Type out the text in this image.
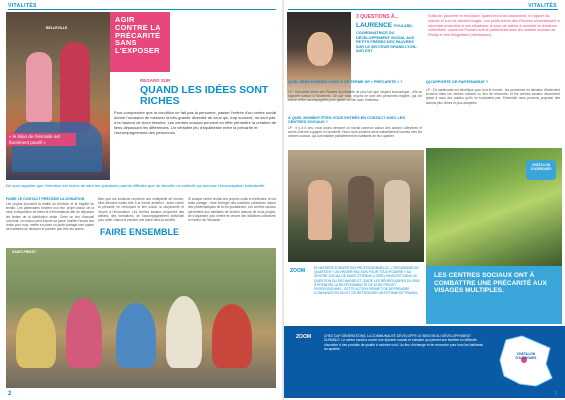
VITALITÉS
BELLEVILLE
« le bilan de l'entraide est forcément positif »
AGIR CONTRE LA PRÉCARITÉ SANS L'EXPOSER
REGARD SUR
QUAND LES IDÉES SONT RICHES
Pour comprendre que la condition ne fait pas la personne, passer l'entrée d'un centre social donne l'occasion de mesurer la très grande diversité de ceux qui, trop souvent, ne sont pas à la hauteur de leurs besoins. Les centres sociaux peuvent en effet permettre la création de liens dépassant les différences. Un véritable jeu d'équilibriste entre la précarité et l'accompagnement des personnes.
De quoi rappeler que l'intention est moins de faire les questions parfois difficiles que de dévoiler un collectif qui autorise l'émancipation individuelle.
FAIRE LE CONTACT PRÉCÈDE LA DONATION
Les projets épousent la réalité du territoire et la fragilité du terrain. Les partenaires fondent tout leur projet autour de la mise à disposition de biens et d'informations afin de dépasser les limites de la distribution seule. Créer un lieu d'accueil convivial, où chacun peut trouver sa place, faciliter l'accès aux droits pour tous, mettre en place un jardin partagé sont autant de manières de dessiner le premier pas vers les autres.
Bien que les solutions reçoivent une multiplicité de formes, elles tiennent toutes tête à la même ambition : lutter contre la précarité en renforçant le lien social, la citoyenneté et l'accès à l'information. Les centres sociaux proposent des ateliers, des formations, de l'accompagnement individuel pour aider chacun à prendre une place dans la société.
FAIRE ENSEMBLE
Si chaque centre choisit ses propres outils et méthodes, le but reste partagé : faire émerger des solutions collectives autour des problématiques de la vie quotidienne. Les centres sociaux permettent aux habitants de devenir acteurs de leurs projets, de s'organiser pour mettre en œuvre des initiatives collectives en faveur de l'inclusion.
SAINT-PRIEST
2
VITALITÉS
3 QUESTIONS À...
LAURENCE POULARD,
COORDINATRICE DU DÉVELOPPEMENT SOCIAL AUX PETITS FRÈRES DES PAUVRES SUR LE SECTEUR GRAND LYON-SUD EST
Solitude, pauvreté et exclusion, quand les trois s'associent, le rapport au monde et à la vie devient fragile. Les petits frères des Pauvres s'investissent à répondre ensemble à ces situations, à coup de visites à domicile et d'actions collectives. Laurence Poulard suit le partenariat avec les centres sociaux de Parilly et des Minguettes (Vénissieux).
QUEL SENS DONNEZ-VOUS À CE TERME DE « PRÉCARITÉ » ?
LP : Aux petits frères des Pauvres la précarité va plus loin que l'aspect économique ; elle se rapporte surtout à l'isolement. Ce que nous voyons ce sont des personnes fragiles, qui ont besoin d'être accompagnées pour garder un lien avec l'extérieur.
À QUEL MOMENT ÊTES-VOUS ENTRÉS EN CONTACT AVEC LES CENTRES SOCIAUX ?
LP : Il y a 6 ans, nous avons démarré un travail commun autour des actions collectives et avons cherché à gagner en proximité. Nous nous sommes alors naturellement tournés vers les centres sociaux, qui connaissent parfaitement les habitants de leur quartier.
QU'APPORTE CE PARTENARIAT ?
LP : Ce partenariat est bénéfique pour tout le monde : les personnes en situation d'isolement trouvent dans les centres sociaux un lieu de rencontre, et les centres sociaux découvrent grâce à nous des publics qu'ils ne touchaient pas. Ensemble nous pouvons proposer des actions plus riches et plus adaptées.
CHÂTILLON D'AZERGUES
LES CENTRES SOCIAUX ONT À COMBATTRE UNE PRÉCARITÉ AUX VISAGES MULTIPLES.
ZOOM	EN MATIÈRE D'INSERTION PROFESSIONNELLE, L'ORGANISME DE QUARTIER « UN PANIER PAS SON POUR TOUS POURRE » AU CENTRE SOCIAL DE SAINT-ÉTIENNE (LOIRE) S'INSCRIT DANS LA QUESTION DU DÉCHARGE ET GUIDE LES BÉNÉFICIAIRES DU RSA À PRENDRE LA RESPONSABILITÉ DE LEUR PROJET PROFESSIONNEL. CETTE ACTION PERMET DE REPRENDRE CONFIANCE EN SOI ET DE RETROUVER UN RYTHME DE TRAVAIL.
ZOOM	CHEZ CAP GÉNÉRATIONS, LA COMMUNAUTÉ DÉVELOPPE LE BESOIN DU DÉVELOPPEMENT DURABLE. Le centre social a ouvert une épicerie sociale et solidaire qui permet aux familles en difficulté d'accéder à des produits de qualité à moindre coût. Un lieu d'échange et de rencontre pour tous les habitants du quartier.
CHÂTILLON D'AZERGUES
3
